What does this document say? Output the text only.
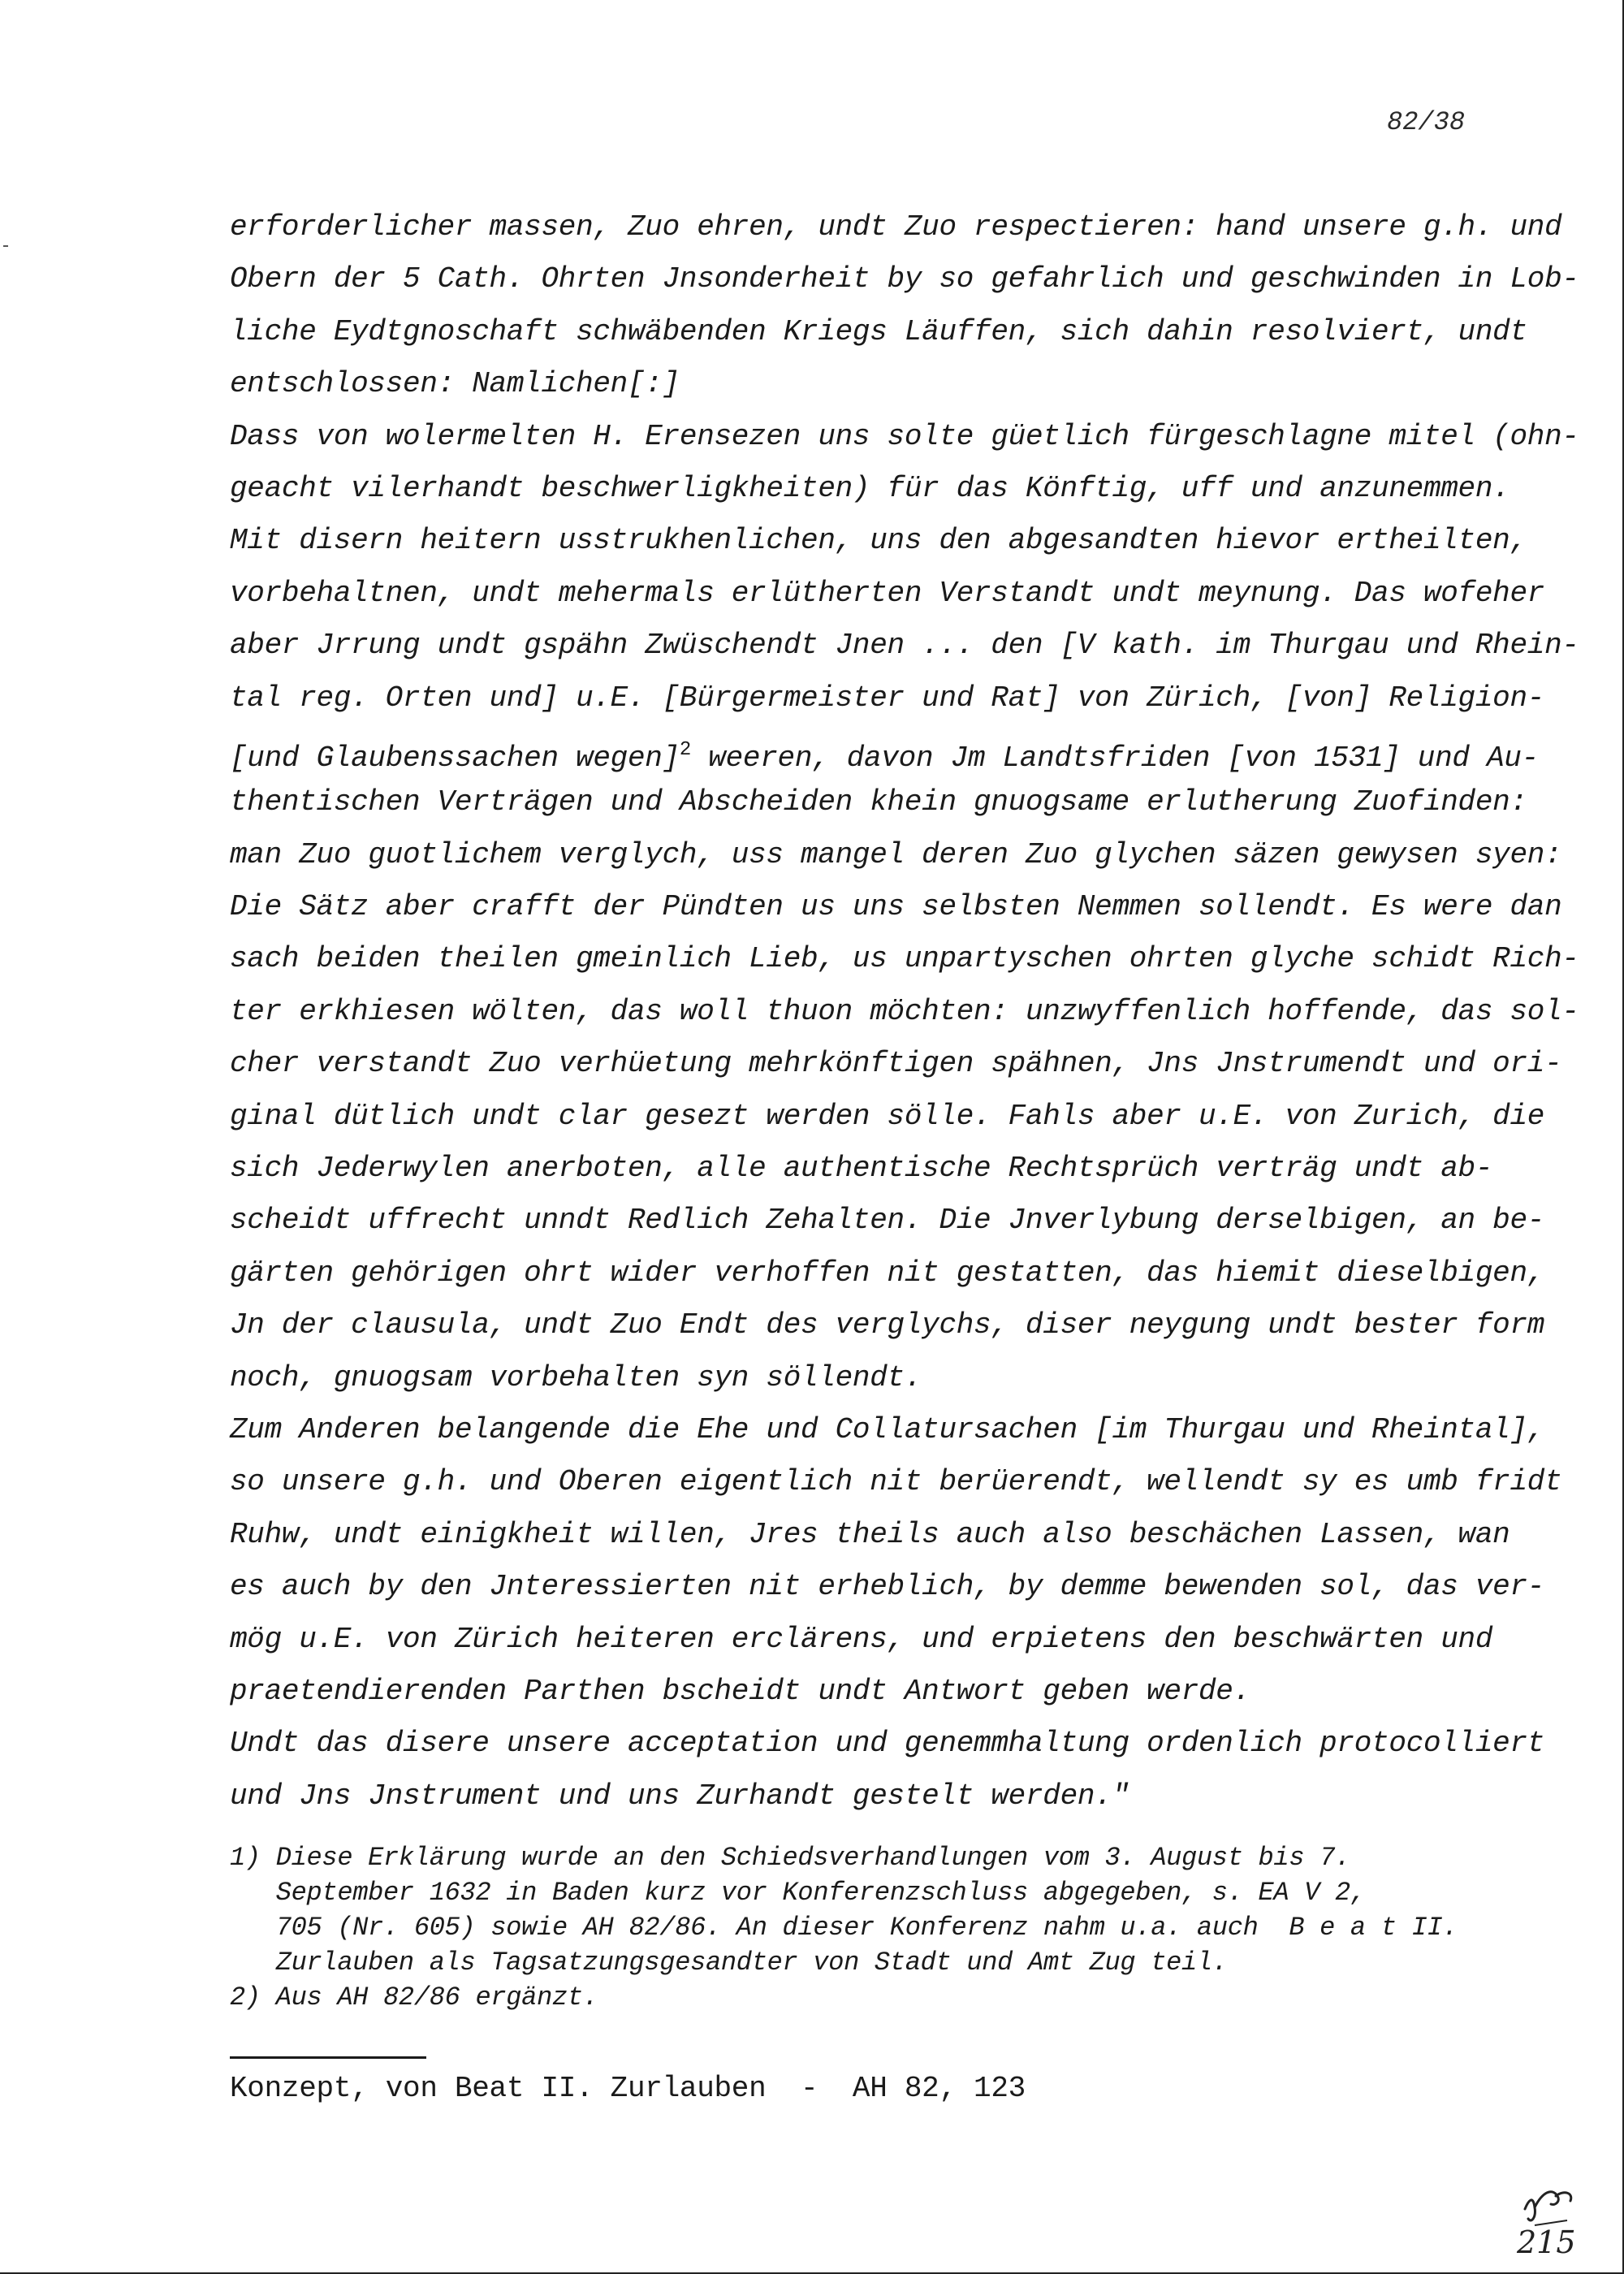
82/38

erforderlicher massen, Zuo ehren, undt Zuo respectieren: hand unsere g.h. und
Obern der 5 Cath. Ohrten Jnsonderheit by so gefahrlich und geschwinden in Lob-
liche Eydtgnoschaft schwäbenden Kriegs Läuffen, sich dahin resolviert, undt
entschlossen: Namlichen[:]
Dass von wolermelten H. Erensezen uns solte güetlich fürgeschlagne mitel (ohn-
geacht vilerhandt beschwerligkheiten) für das Könftig, uff und anzunemmen.
Mit disern heitern usstrukhenlichen, uns den abgesandten hievor ertheilten,
vorbehaltnen, undt mehermals erlütherten Verstandt undt meynung. Das wofeher
aber Jrrung undt gspähn Zwüschendt Jnen ... den [V kath. im Thurgau und Rhein-
tal reg. Orten und] u.E. [Bürgermeister und Rat] von Zürich, [von] Religion-
[und Glaubenssachen wegen]$^2$ weeren, davon Jm Landtsfriden [von 1531] und Au-
thentischen Verträgen und Abscheiden khein gnuogsame erlutherung Zuofinden:
man Zuo guotlichem verglych, uss mangel deren Zuo glychen säzen gewysen syen:
Die Sätz aber crafft der Pündten us uns selbsten Nemmen sollendt. Es were dan
sach beiden theilen gmeinlich Lieb, us unpartyschen ohrten glyche schidt Rich-
ter erkhiesen wölten, das woll thuon möchten: unzwyffenlich hoffende, das sol-
cher verstandt Zuo verhüetung mehrkönftigen spähnen, Jns Jnstrumendt und ori-
ginal dütlich undt clar gesezt werden sölle. Fahls aber u.E. von Zurich, die
sich Jederwylen anerboten, alle authentische Rechtsprüch verträg undt ab-
scheidt uffrecht unndt Redlich Zehalten. Die Jnverlybung derselbigen, an be-
gärten gehörigen ohrt wider verhoffen nit gestatten, das hiemit dieselbigen,
Jn der clausula, undt Zuo Endt des verglychs, diser neygung undt bester form
noch, gnuogsam vorbehalten syn söllendt.
Zum Anderen belangende die Ehe und Collatursachen [im Thurgau und Rheintal],
so unsere g.h. und Oberen eigentlich nit berüerendt, wellendt sy es umb fridt
Ruhw, undt einigkheit willen, Jres theils auch also beschächen Lassen, wan
es auch by den Jnteressierten nit erheblich, by demme bewenden sol, das ver-
mög u.E. von Zürich heiteren erclärens, und erpietens den beschwärten und
praetendierenden Parthen bscheidt undt Antwort geben werde.
Undt das disere unsere acceptation und genemmhaltung ordenlich protocolliert
und Jns Jnstrument und uns Zurhandt gestelt werden."
1) Diese Erklärung wurde an den Schiedsverhandlungen vom 3. August bis 7.
September 1632 in Baden kurz vor Konferenzschluss abgegeben, s. EA V 2,
705 (Nr. 605) sowie AH 82/86. An dieser Konferenz nahm u.a. auch  B e a t II.
Zurlauben als Tagsatzungsgesandter von Stadt und Amt Zug teil.
2) Aus AH 82/86 ergänzt.

Konzept, von Beat II. Zurlauben  -  AH 82, 123

215
